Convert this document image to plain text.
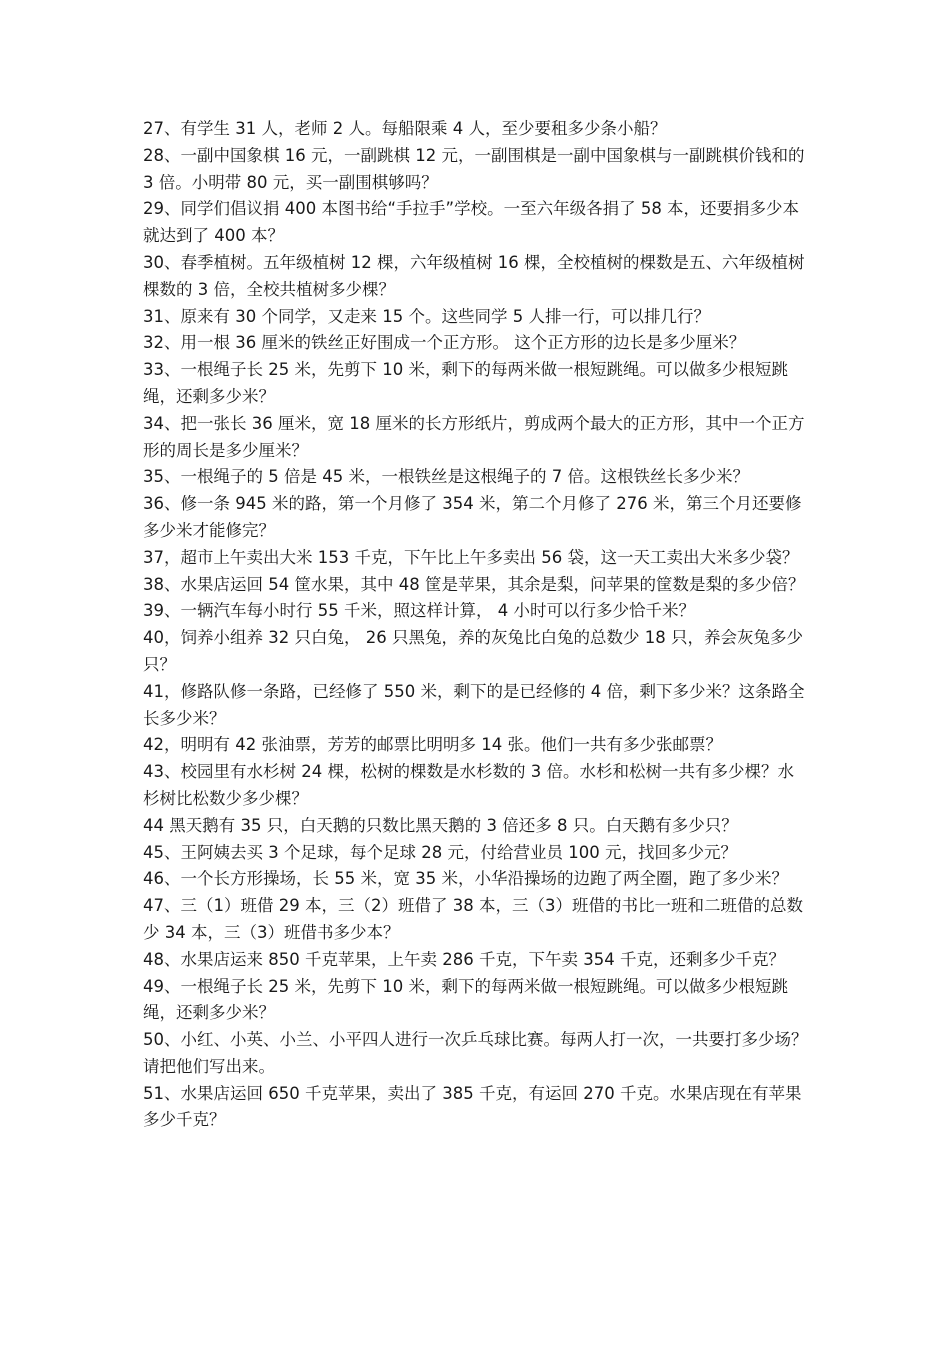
27、有学生 31 人，老师 2 人。每船限乘 4 人，至少要租多少条小船？

28、一副中国象棋 16 元，一副跳棋 12 元，一副围棋是一副中国象棋与一副跳棋价钱和的 3 倍。小明带 80 元，买一副围棋够吗？

29、同学们倡议捐 400 本图书给“手拉手”学校。一至六年级各捐了 58 本，还要捐多少本就达到了 400 本？

30、春季植树。五年级植树 12 棵，六年级植树 16 棵，全校植树的棵数是五、六年级植树棵数的 3 倍，全校共植树多少棵？

31、原来有 30 个同学，又走来 15 个。这些同学 5 人排一行，可以排几行？

32、用一根 36 厘米的铁丝正好围成一个正方形。 这个正方形的边长是多少厘米？

33、一根绳子长 25 米，先剪下 10 米，剩下的每两米做一根短跳绳。可以做多少根短跳绳，还剩多少米？

34、把一张长 36 厘米，宽 18 厘米的长方形纸片，剪成两个最大的正方形，其中一个正方形的周长是多少厘米？

35、一根绳子的 5 倍是 45 米，一根铁丝是这根绳子的 7 倍。这根铁丝长多少米？

36、修一条 945 米的路，第一个月修了 354 米，第二个月修了 276 米，第三个月还要修多少米才能修完？

37，超市上午卖出大米 153 千克，下午比上午多卖出 56 袋，这一天工卖出大米多少袋？

38、水果店运回 54 筐水果，其中 48 筐是苹果，其余是梨，问苹果的筐数是梨的多少倍？

39、一辆汽车每小时行 55 千米，照这样计算， 4 小时可以行多少恰千米？

40，饲养小组养 32 只白兔， 26 只黑兔，养的灰兔比白兔的总数少 18 只，养会灰兔多少只？

41，修路队修一条路，已经修了 550 米，剩下的是已经修的 4 倍，剩下多少米？这条路全长多少米？

42，明明有 42 张油票，芳芳的邮票比明明多 14 张。他们一共有多少张邮票？

43、校园里有水杉树 24 棵，松树的棵数是水杉数的 3 倍。水杉和松树一共有多少棵？水杉树比松数少多少棵？

44 黑天鹅有 35 只，白天鹅的只数比黑天鹅的 3 倍还多 8 只。白天鹅有多少只？

45、王阿姨去买 3 个足球，每个足球 28 元，付给营业员 100 元，找回多少元？

46、一个长方形操场，长 55 米，宽 35 米，小华沿操场的边跑了两全圈，跑了多少米？

47、三（1）班借 29 本，三（2）班借了 38 本，三（3）班借的书比一班和二班借的总数少 34 本，三（3）班借书多少本？

48、水果店运来 850 千克苹果，上午卖 286 千克，下午卖 354 千克，还剩多少千克？

49、一根绳子长 25 米，先剪下 10 米，剩下的每两米做一根短跳绳。可以做多少根短跳绳，还剩多少米？

50、小红、小英、小兰、小平四人进行一次乒乓球比赛。每两人打一次，一共要打多少场？请把他们写出来。

51、水果店运回 650 千克苹果，卖出了 385 千克，有运回 270 千克。水果店现在有苹果多少千克？
